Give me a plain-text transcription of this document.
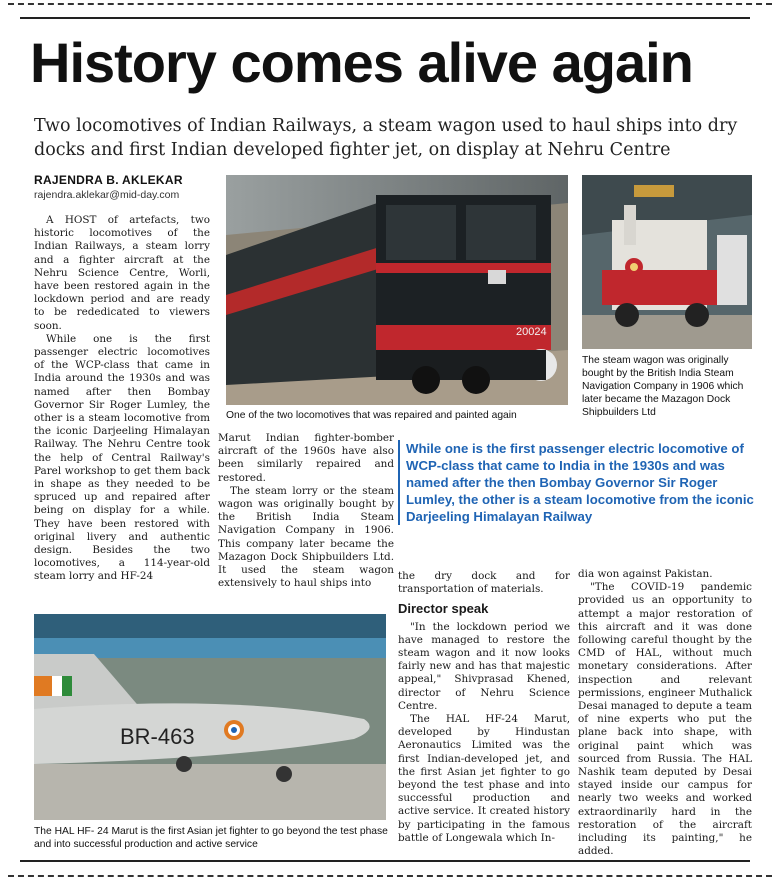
History comes alive again
Two locomotives of Indian Railways, a steam wagon used to haul ships into dry docks and first Indian developed fighter jet, on display at Nehru Centre
RAJENDRA B. AKLEKAR
rajendra.aklekar@mid-day.com

A HOST of artefacts, two historic locomotives of the Indian Railways, a steam lorry and a fighter aircraft at the Nehru Science Centre, Worli, have been restored again in the lockdown period and are ready to be rededicated to viewers soon.

While one is the first passenger electric locomotives of the WCP-class that came in India around the 1930s and was named after then Bombay Governor Sir Roger Lumley, the other is a steam locomotive from the iconic Darjeeling Himalayan Railway. The Nehru Centre took the help of Central Railway's Parel workshop to get them back in shape as they needed to be spruced up and repaired after being on display for a while. They have been restored with original livery and authentic design. Besides the two locomotives, a 114-year-old steam lorry and HF-24

20024
One of the two locomotives that was repaired and painted again
The steam wagon was originally bought by the British India Steam Navigation Company in 1906 which later became the Mazagon Dock Shipbuilders Ltd

Marut Indian fighter-bomber aircraft of the 1960s have also been similarly repaired and restored.

The steam lorry or the steam wagon was originally bought by the British India Steam Navigation Company in 1906. This company later became the Mazagon Dock Shipbuilders Ltd. It used the steam wagon extensively to haul ships into

While one is the first passenger electric locomotive of WCP-class that came to India in the 1930s and was named after the then Bombay Governor Sir Roger Lumley, the other is a steam locomotive from the iconic Darjeeling Himalayan Railway

the dry dock and for transportation of materials.

Director speak

"In the lockdown period we have managed to restore the steam wagon and it now looks fairly new and has that majestic appeal," Shivprasad Khened, director of Nehru Science Centre.

The HAL HF-24 Marut, developed by Hindustan Aeronautics Limited was the first Indian-developed jet, and the first Asian jet fighter to go beyond the test phase and into successful production and active service. It created history by participating in the famous battle of Longewala which In-

dia won against Pakistan.

"The COVID-19 pandemic provided us an opportunity to attempt a major restoration of this aircraft and it was done following careful thought by the CMD of HAL, without much monetary considerations. After inspection and relevant permissions, engineer Muthalick Desai managed to depute a team of nine experts who put the plane back into shape, with original paint which was sourced from Russia. The HAL Nashik team deputed by Desai stayed inside our campus for nearly two weeks and worked extraordinarily hard in the restoration of the aircraft including its painting," he added.

BR-463
The HAL HF- 24 Marut is the first Asian jet fighter to go beyond the test phase and into successful production and active service
